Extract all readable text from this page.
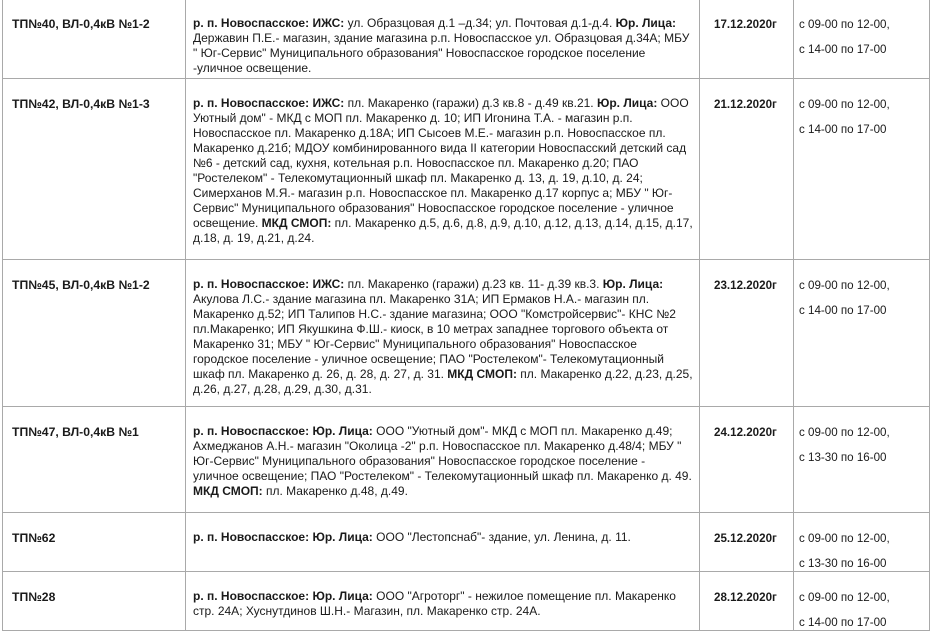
ТП№40, ВЛ-0,4кВ №1-2	р. п. Новоспасское: ИЖС: ул. Образцовая д.1 –д.34; ул. Почтовая д.1-д.4. Юр. Лица: Державин П.Е.- магазин, здание магазина р.п. Новоспасское ул. Образцовая д.34А; МБУ " Юг-Сервис" Муниципального образования" Новоспасское городское поселение -уличное освещение.	17.12.2020г	с 09-00 по 12-00,
с 14-00 по 17-00

ТП№42, ВЛ-0,4кВ №1-3	р. п. Новоспасское: ИЖС: пл. Макаренко (гаражи) д.3 кв.8 - д.49 кв.21. Юр. Лица: ООО Уютный дом" - МКД с МОП пл. Макаренко д. 10; ИП Игонина Т.А. - магазин р.п. Новоспасское пл. Макаренко д.18А; ИП Сысоев М.Е.- магазин р.п. Новоспасское пл. Макаренко д.21б; МДОУ комбинированного вида II категории Новоспасский детский сад №6 - детский сад, кухня, котельная р.п. Новоспасское пл. Макаренко д.20; ПАО "Ростелеком" - Телекомутационный шкаф пл. Макаренко д. 13, д. 19, д.10, д. 24; Симерханов М.Я.- магазин р.п. Новоспасское пл. Макаренко д.17 корпус а; МБУ " Юг-Сервис" Муниципального образования" Новоспасское городское поселение - уличное освещение. МКД СМОП: пл. Макаренко д.5, д.6, д.8, д.9, д.10, д.12, д.13, д.14, д.15, д.17, д.18, д. 19, д.21, д.24.	21.12.2020г	с 09-00 по 12-00,
с 14-00 по 17-00

ТП№45, ВЛ-0,4кВ №1-2	р. п. Новоспасское: ИЖС: пл. Макаренко (гаражи) д.23 кв. 11- д.39 кв.3. Юр. Лица: Акулова Л.С.- здание магазина пл. Макаренко 31А; ИП Ермаков Н.А.- магазин пл. Макаренко д.52; ИП Талипов Н.С.- здание магазина; ООО "Комстройсервис"- КНС №2 пл.Макаренко; ИП Якушкина Ф.Ш.- киоск, в 10 метрах западнее торгового объекта от Макаренко 31; МБУ " Юг-Сервис" Муниципального образования" Новоспасское городское поселение - уличное освещение; ПАО "Ростелеком"- Телекомутационный шкаф пл. Макаренко д. 26, д. 28, д. 27, д. 31. МКД СМОП: пл. Макаренко д.22, д.23, д.25, д.26, д.27, д.28, д.29, д.30, д.31.	23.12.2020г	с 09-00 по 12-00,
с 14-00 по 17-00

ТП№47, ВЛ-0,4кВ №1	р. п. Новоспасское: Юр. Лица: ООО "Уютный дом"- МКД с МОП пл. Макаренко д.49; Ахмеджанов А.Н.- магазин "Околица -2" р.п. Новоспасское пл. Макаренко д.48/4; МБУ " Юг-Сервис" Муниципального образования" Новоспасское городское поселение - уличное освещение; ПАО "Ростелеком" - Телекомутационный шкаф пл. Макаренко д. 49. МКД СМОП: пл. Макаренко д.48, д.49.	24.12.2020г	с 09-00 по 12-00,
с 13-30 по 16-00

ТП№62	р. п. Новоспасское: Юр. Лица: ООО "Лестопснаб"- здание, ул. Ленина, д. 11.	25.12.2020г	с 09-00 по 12-00,
с 13-30 по 16-00

ТП№28	р. п. Новоспасское: Юр. Лица: ООО "Агроторг" - нежилое помещение пл. Макаренко стр. 24А; Хуснутдинов Ш.Н.- Магазин, пл. Макаренко стр. 24А.	28.12.2020г	с 09-00 по 12-00,
с 14-00 по 17-00
